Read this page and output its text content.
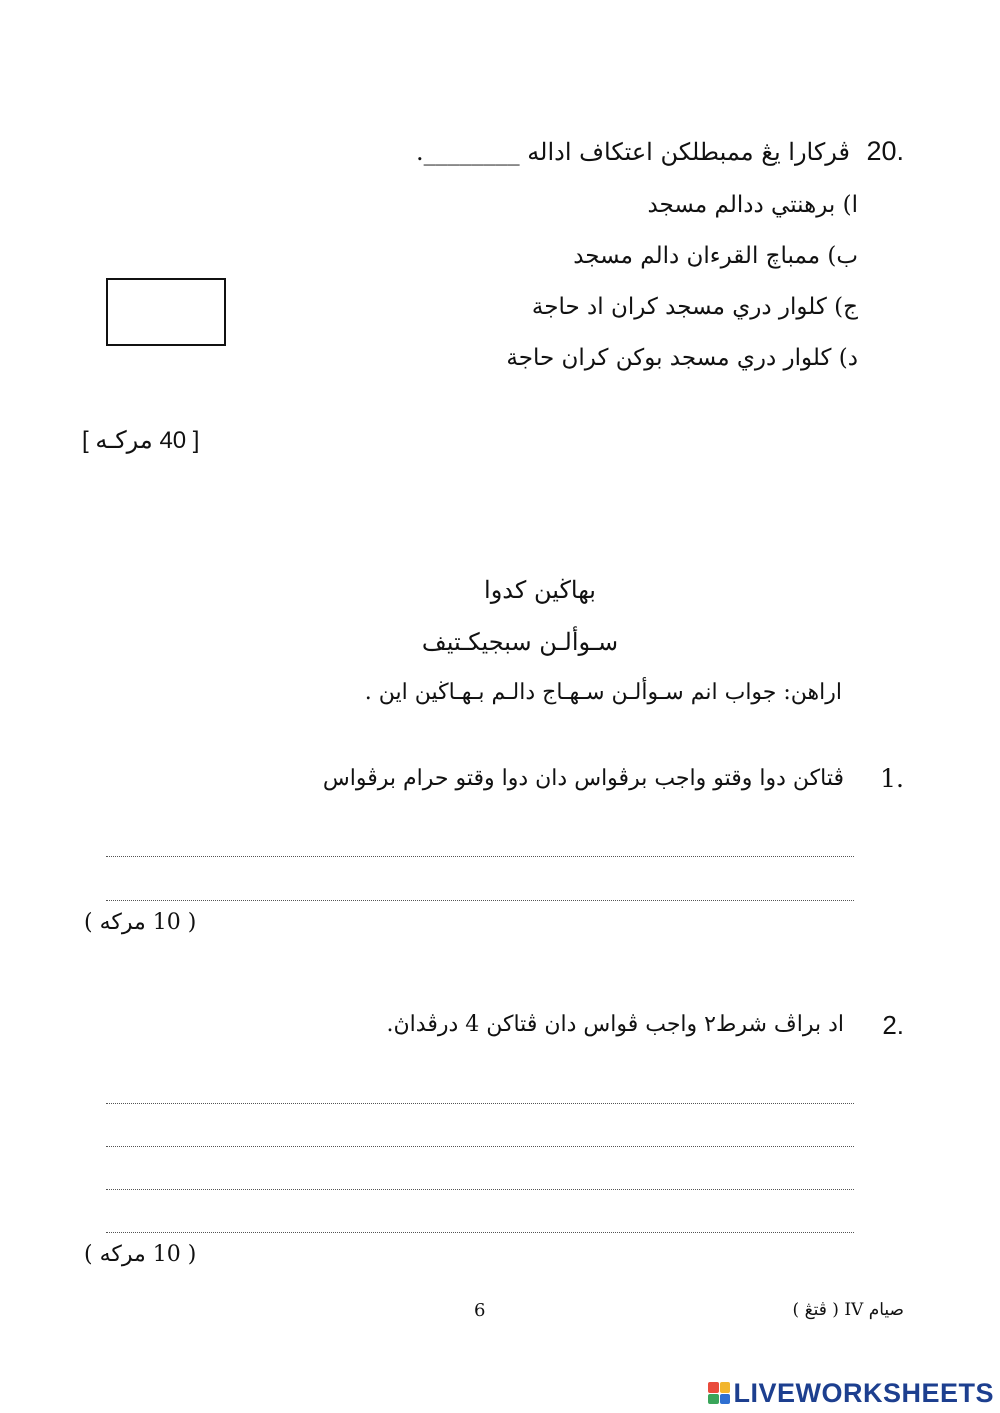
20.
ڤركارا يڠ ممبطلكن اعتكاف اداله ________.
ا) برهنتي ددالم مسجد
ب) ممباچ القرءان دالم مسجد
ج) كلوار دري مسجد كران اد حاجة
د) كلوار دري مسجد بوكن كران حاجة
[ 40 مركـه ]
بهاڬين كدوا
سـوألـن سبجيكـتيف
اراهن: جواب انم سـوألـن سـهـاج دالـم بـهـاڬين اين .
1.
ڤتاكن دوا وقتو واجب برڤواس دان دوا وقتو حرام برڤواس
( 10 مركه )
2.
اد براڤ شرط٢ واجب ڤواس دان ڤتاكن 4 درڤداڽ.
( 10 مركه )
6	صيام IV ( ڤتڠ )
LIVEWORKSHEETS
